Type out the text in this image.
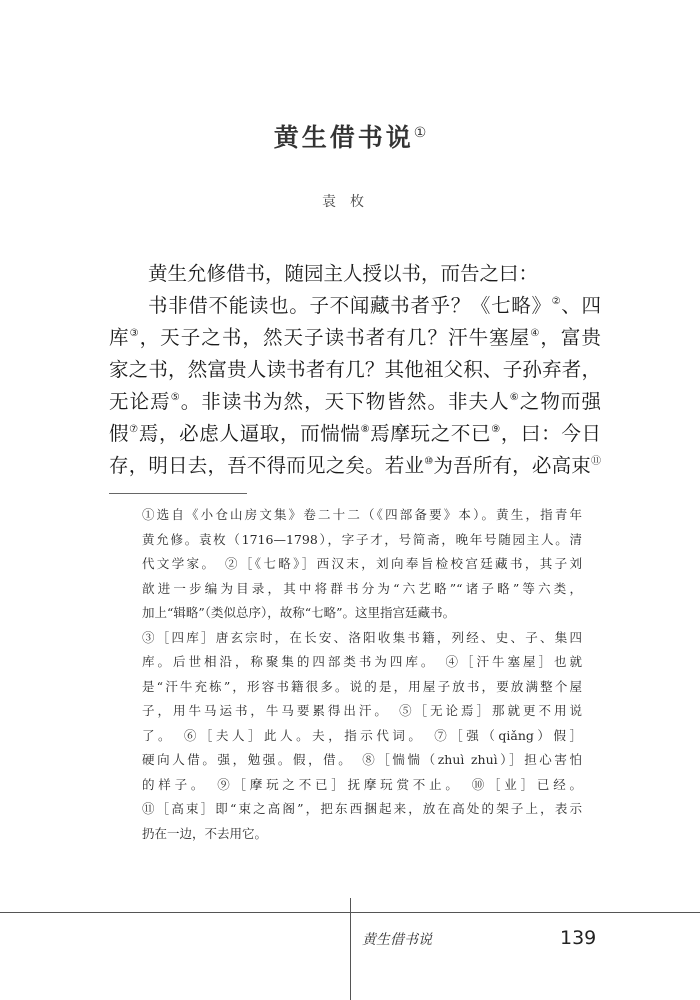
黄生借书说①
袁枚
黄生允修借书，随园主人授以书，而告之曰：
书非借不能读也。子不闻藏书者乎？《七略》②、四
库③，天子之书，然天子读书者有几？汗牛塞屋④，富贵
家之书，然富贵人读书者有几？其他祖父积、子孙弃者，
无论焉⑤。非读书为然，天下物皆然。非夫人⑥之物而强
假⑦焉，必虑人逼取，而惴惴⑧焉摩玩之不已⑨，曰：今日
存，明日去，吾不得而见之矣。若业⑩为吾所有，必高束⑪
①选自《小仓山房文集》卷二十二（《四部备要》本）。黄生，指青年
黄允修。袁枚（1716—1798），字子才，号简斋，晚年号随园主人。清
代文学家。　②［《七略》］西汉末，刘向奉旨检校宫廷藏书，其子刘
歆进一步编为目录，其中将群书分为“六艺略”“诸子略”等六类，
加上“辑略”（类似总序），故称“七略”。这里指宫廷藏书。
③［四库］唐玄宗时，在长安、洛阳收集书籍，列经、史、子、集四
库。后世相沿，称聚集的四部类书为四库。　④［汗牛塞屋］也就
是“汗牛充栋”，形容书籍很多。说的是，用屋子放书，要放满整个屋
子，用牛马运书，牛马要累得出汗。　⑤［无论焉］那就更不用说
了。　⑥［夫人］此人。夫，指示代词。　⑦［强（qiǎng）假］
硬向人借。强，勉强。假，借。　⑧［惴惴（zhuì zhuì）］担心害怕
的样子。　⑨［摩玩之不已］抚摩玩赏不止。　⑩［业］已经。
⑪［高束］即“束之高阁”，把东西捆起来，放在高处的架子上，表示
扔在一边，不去用它。
黄生借书说	139
